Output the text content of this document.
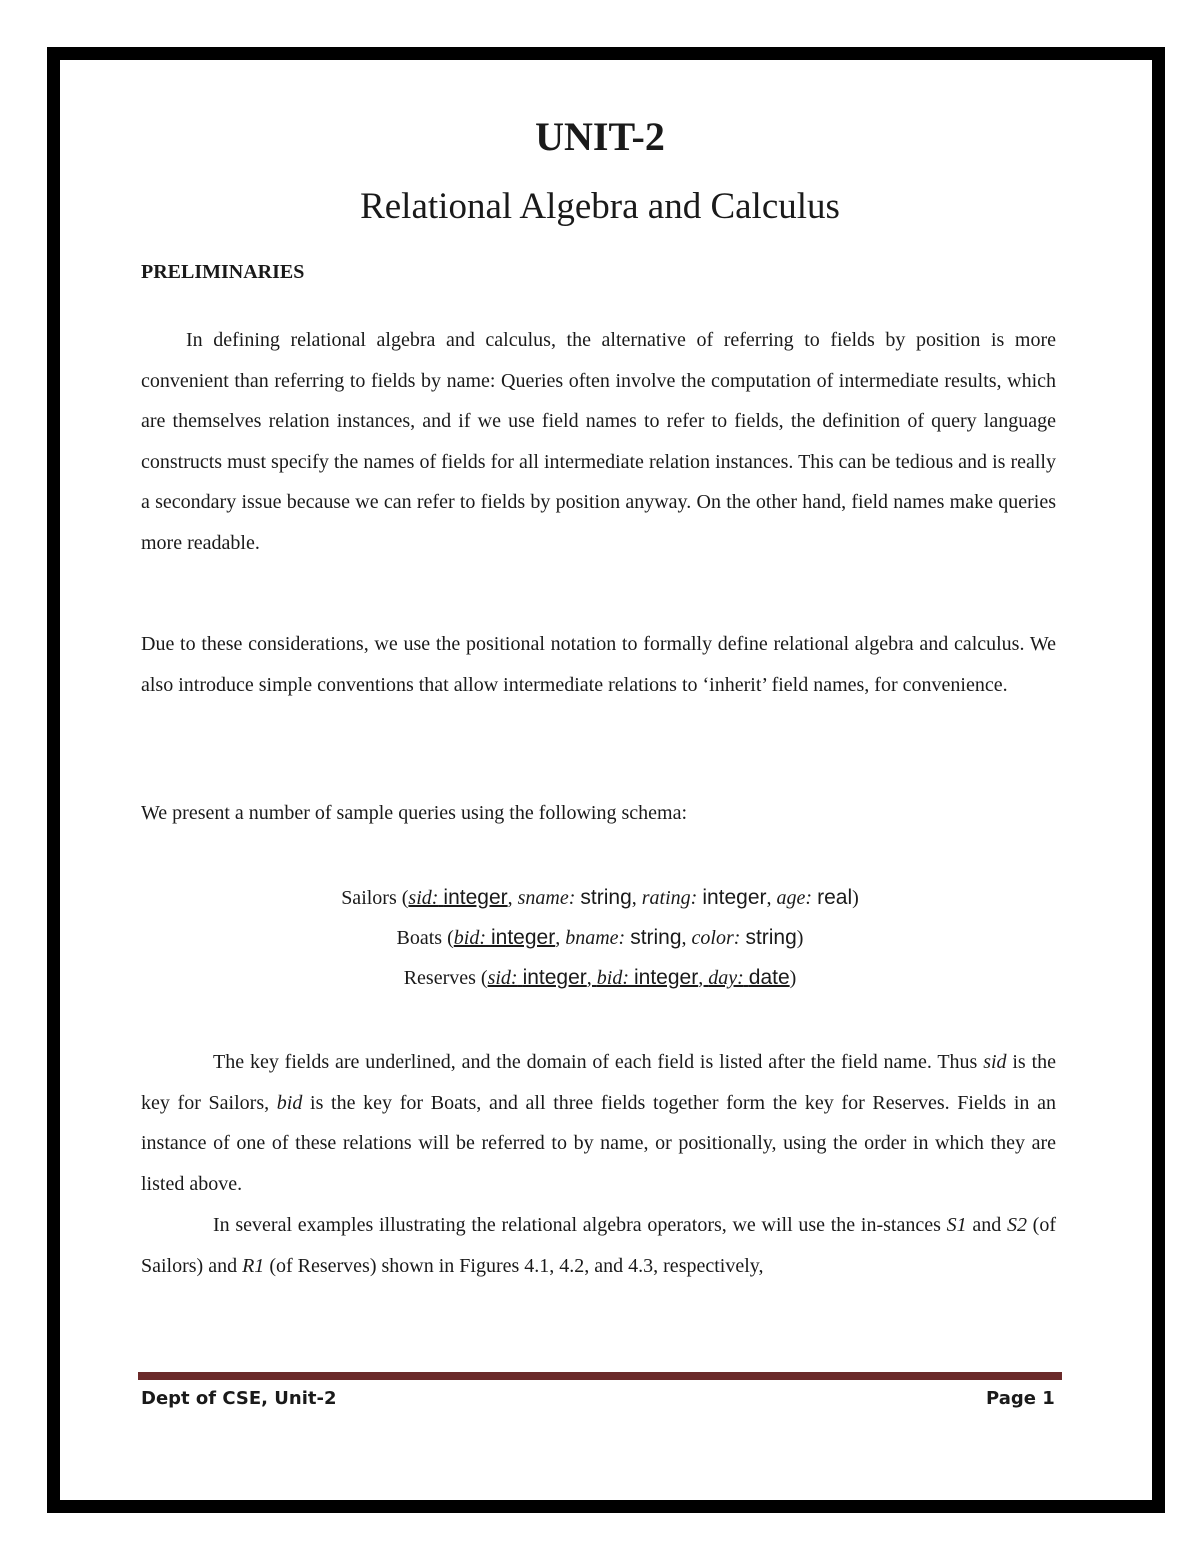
UNIT-2
Relational Algebra and Calculus
PRELIMINARIES

In defining relational algebra and calculus, the alternative of referring to fields by position is more convenient than referring to fields by name: Queries often involve the computation of intermediate results, which are themselves relation instances, and if we use field names to refer to fields, the definition of query language constructs must specify the names of fields for all intermediate relation instances. This can be tedious and is really a secondary issue because we can refer to fields by position anyway. On the other hand, field names make queries more readable.

Due to these considerations, we use the positional notation to formally define relational algebra and calculus. We also introduce simple conventions that allow intermediate relations to ‘inherit’ field names, for convenience.

We present a number of sample queries using the following schema:

Sailors (sid: integer, sname: string, rating: integer, age: real)
Boats (bid: integer, bname: string, color: string)
Reserves (sid: integer, bid: integer, day: date)

The key fields are underlined, and the domain of each field is listed after the field name. Thus sid is the key for Sailors, bid is the key for Boats, and all three fields together form the key for Reserves. Fields in an instance of one of these relations will be referred to by name, or positionally, using the order in which they are listed above.

In several examples illustrating the relational algebra operators, we will use the in-stances S1 and S2 (of Sailors) and R1 (of Reserves) shown in Figures 4.1, 4.2, and 4.3, respectively,

Dept of CSE, Unit-2	Page 1
